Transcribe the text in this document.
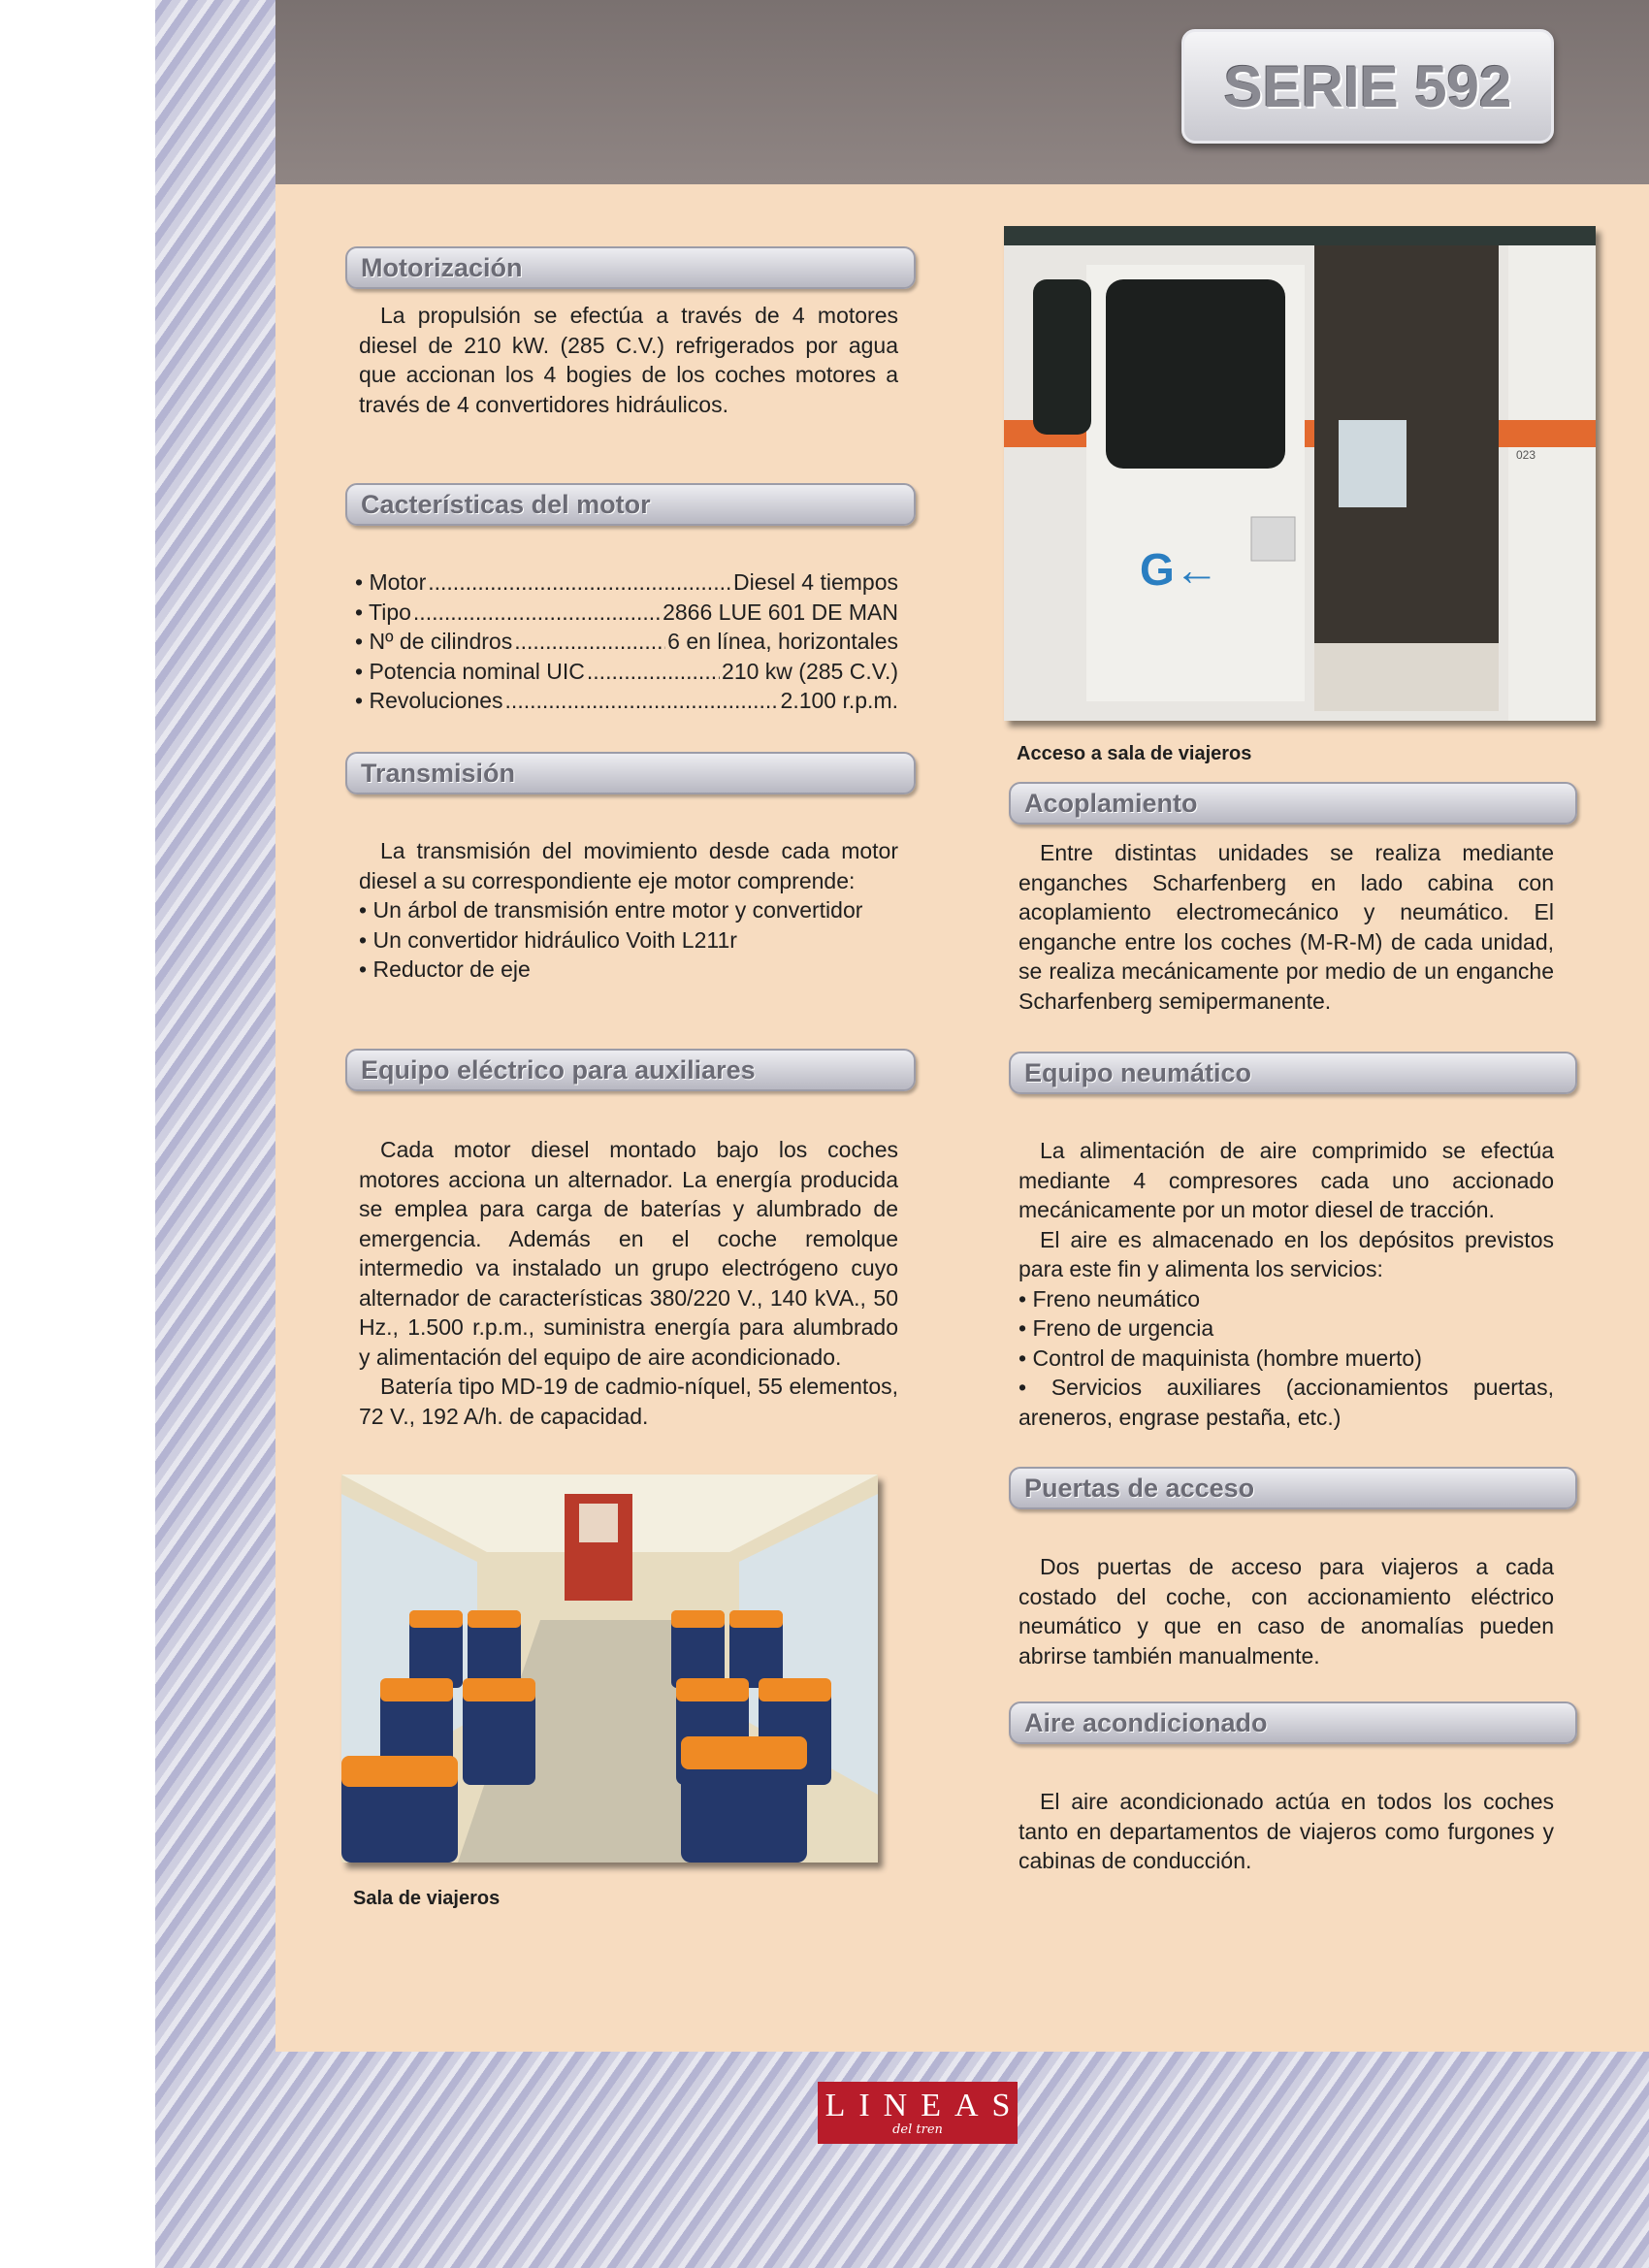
SERIE 592
Motorización

La propulsión se efectúa a través de 4 motores diesel de 210 kW. (285 C.V.) refrigerados por agua que accionan los 4 bogies de los coches motores a través de 4 convertidores hidráulicos.

Cacterísticas del motor
• Motor .....	Diesel 4 tiempos
• Tipo .....	2866 LUE 601 DE MAN
• Nº de cilindros .....	6 en línea, horizontales
• Potencia nominal UIC .....	210 kw (285 C.V.)
• Revoluciones .....	2.100 r.p.m.
Transmisión

La transmisión del movimiento desde cada motor diesel a su correspondiente eje motor comprende:

• Un árbol de transmisión entre motor y convertidor
• Un convertidor hidráulico Voith L211r
• Reductor de eje
Equipo eléctrico para auxiliares

Cada motor diesel montado bajo los coches motores acciona un alternador. La energía producida se emplea para carga de baterías y alumbrado de emergencia. Además en el coche remolque intermedio va instalado un grupo electrógeno cuyo alternador de características 380/220 V., 140 kVA., 50 Hz., 1.500 r.p.m., suministra energía para alumbrado y alimentación del equipo de aire acondicionado.

Batería tipo MD-19 de cadmio-níquel, 55 elementos, 72 V., 192 A/h. de capacidad.

Sala de viajeros
G←
023
Acceso a sala de viajeros
Acoplamiento

Entre distintas unidades se realiza mediante enganches Scharfenberg en lado cabina con acoplamiento electromecánico y neumático. El enganche entre los coches (M-R-M) de cada unidad, se realiza mecánicamente por medio de un enganche Scharfenberg semipermanente.

Equipo neumático

La alimentación de aire comprimido se efectúa mediante 4 compresores cada uno accionado mecánicamente por un motor diesel de tracción.

El aire es almacenado en los depósitos previstos para este fin y alimenta los servicios:

• Freno neumático
• Freno de urgencia
• Control de maquinista (hombre muerto)
• Servicios auxiliares (accionamientos puertas, areneros, engrase pestaña, etc.)
Puertas de acceso

Dos puertas de acceso para viajeros a cada costado del coche, con accionamiento eléctrico neumático y que en caso de anomalías pueden abrirse también manualmente.

Aire acondicionado

El aire acondicionado actúa en todos los coches tanto en departamentos de viajeros como furgones y cabinas de conducción.

LINEAS
del tren
